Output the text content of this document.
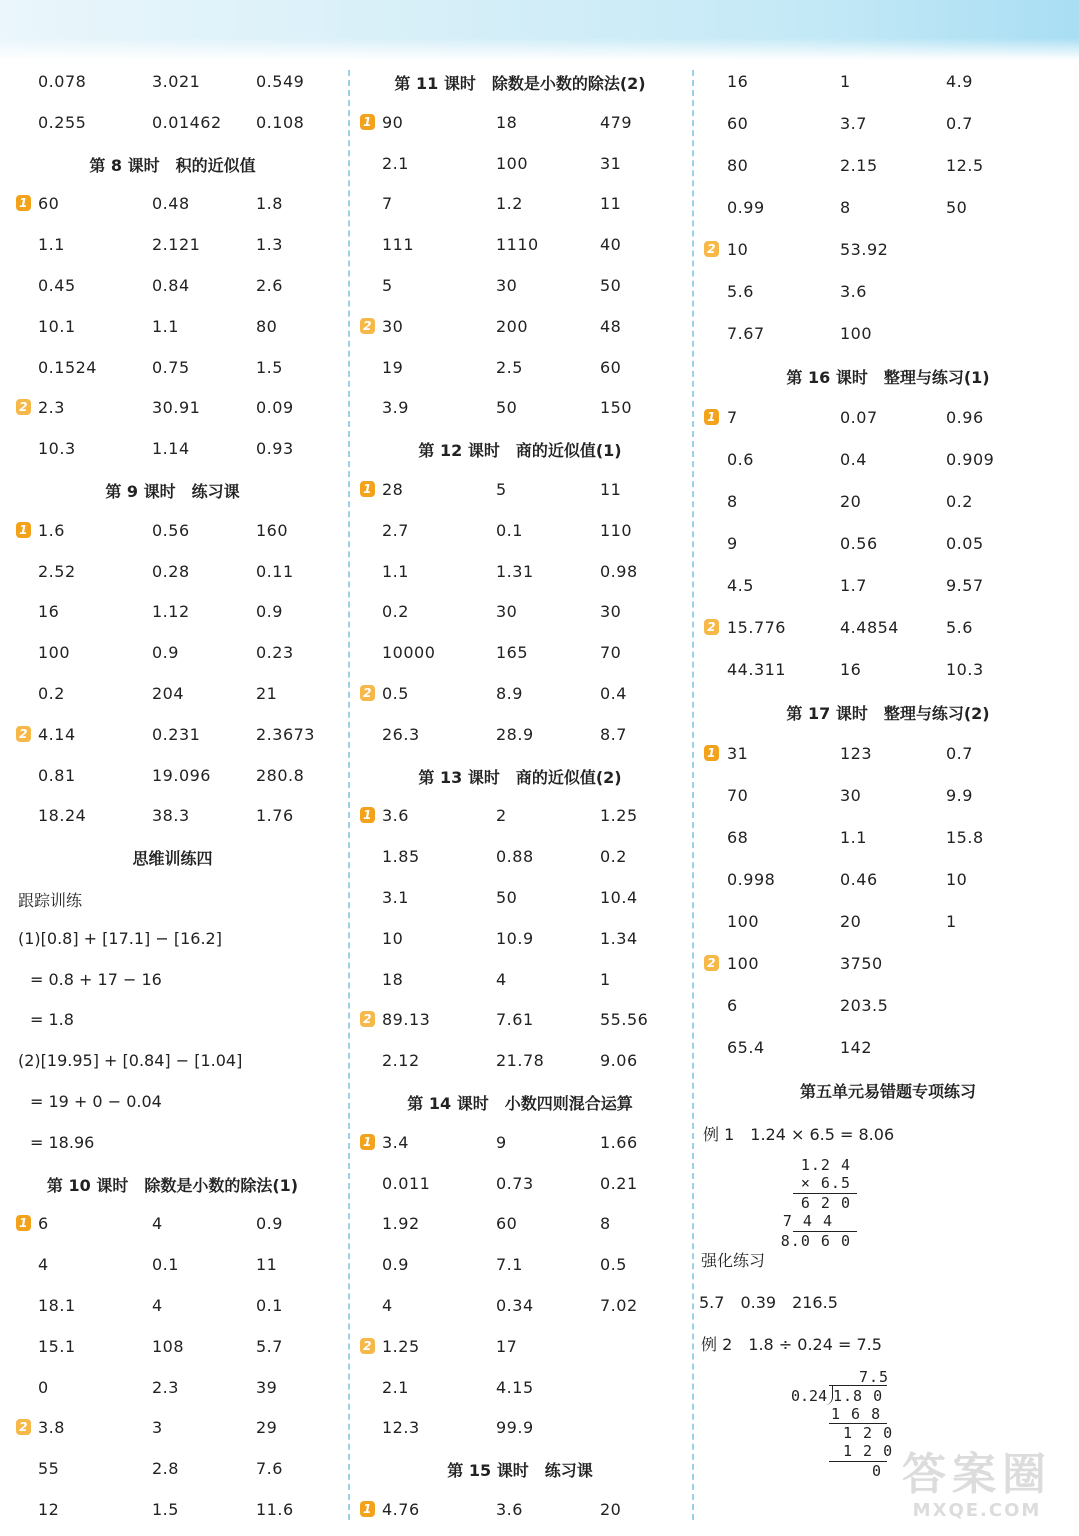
0.078	3.021	0.549
0.255	0.01462 0.108
第 8 课时　积的近似值
1 60	0.48	1.8
1.1	2.121	1.3
0.45	0.84	2.6
10.1	1.1	80
0.1524	0.75	1.5
2 2.3	30.91	0.09
10.3	1.14	0.93
第 9 课时　练习课
1 1.6	0.56	160
2.52	0.28	0.11
16	1.12	0.9
100	0.9	0.23
0.2	204	21
2 4.14	0.231	2.3673
0.81	19.096	280.8
18.24	38.3	1.76
思维训练四
跟踪训练
(1)[0.8] + [17.1] − [16.2]
= 0.8 + 17 − 16
= 1.8
(2)[19.95] + [0.84] − [1.04]
= 19 + 0 − 0.04
= 18.96
第 10 课时　除数是小数的除法(1)
1 6	4	0.9
4	0.1	11
18.1	4	0.1
15.1	108	5.7
0	2.3	39
2 3.8	3	29
55	2.8	7.6
12	1.5	11.6
第 11 课时　除数是小数的除法(2)
1 90	18	479
2.1	100	31
7	1.2	11
111	1110	40
5	30	50
2 30	200	48
19	2.5	60
3.9	50	150
第 12 课时　商的近似值(1)
1 28	5	11
2.7	0.1	110
1.1	1.31	0.98
0.2	30	30
10000	165	70
2 0.5	8.9	0.4
26.3	28.9	8.7
第 13 课时　商的近似值(2)
1 3.6	2	1.25
1.85	0.88	0.2
3.1	50	10.4
10	10.9	1.34
18	4	1
2 89.13	7.61	55.56
2.12	21.78	9.06
第 14 课时　小数四则混合运算
1 3.4	9	1.66
0.011	0.73	0.21
1.92	60	8
0.9	7.1	0.5
4	0.34	7.02
2 1.25	17
2.1	4.15
12.3	99.9
第 15 课时　练习课
1 4.76	3.6	20
16	1	4.9
60	3.7	0.7
80	2.15	12.5
0.99	8	50
2 10	53.92
5.6	3.6
7.67	100
第 16 课时　整理与练习(1)
1 7	0.07	0.96
0.6	0.4	0.909
8	20	0.2
9	0.56	0.05
4.5	1.7	9.57
2 15.776	4.4854	5.6
44.311	16	10.3
第 17 课时　整理与练习(2)
1 31	123	0.7
70	30	9.9
68	1.1	15.8
0.998	0.46	10
100	20	1
2 100	3750
6	203.5
65.4	142
第五单元易错题专项练习
例 1　1.24 × 6.5 = 8.06
1.2 4
× 6.5
6 2 0
7 4 4
8.0 6 0
强化练习
5.7　0.39　216.5
例 2　1.8 ÷ 0.24 = 7.5
7.5
0.24 1.8 0
1 6 8
1 2 0
1 2 0
0 答案圈
MXQE.COM
